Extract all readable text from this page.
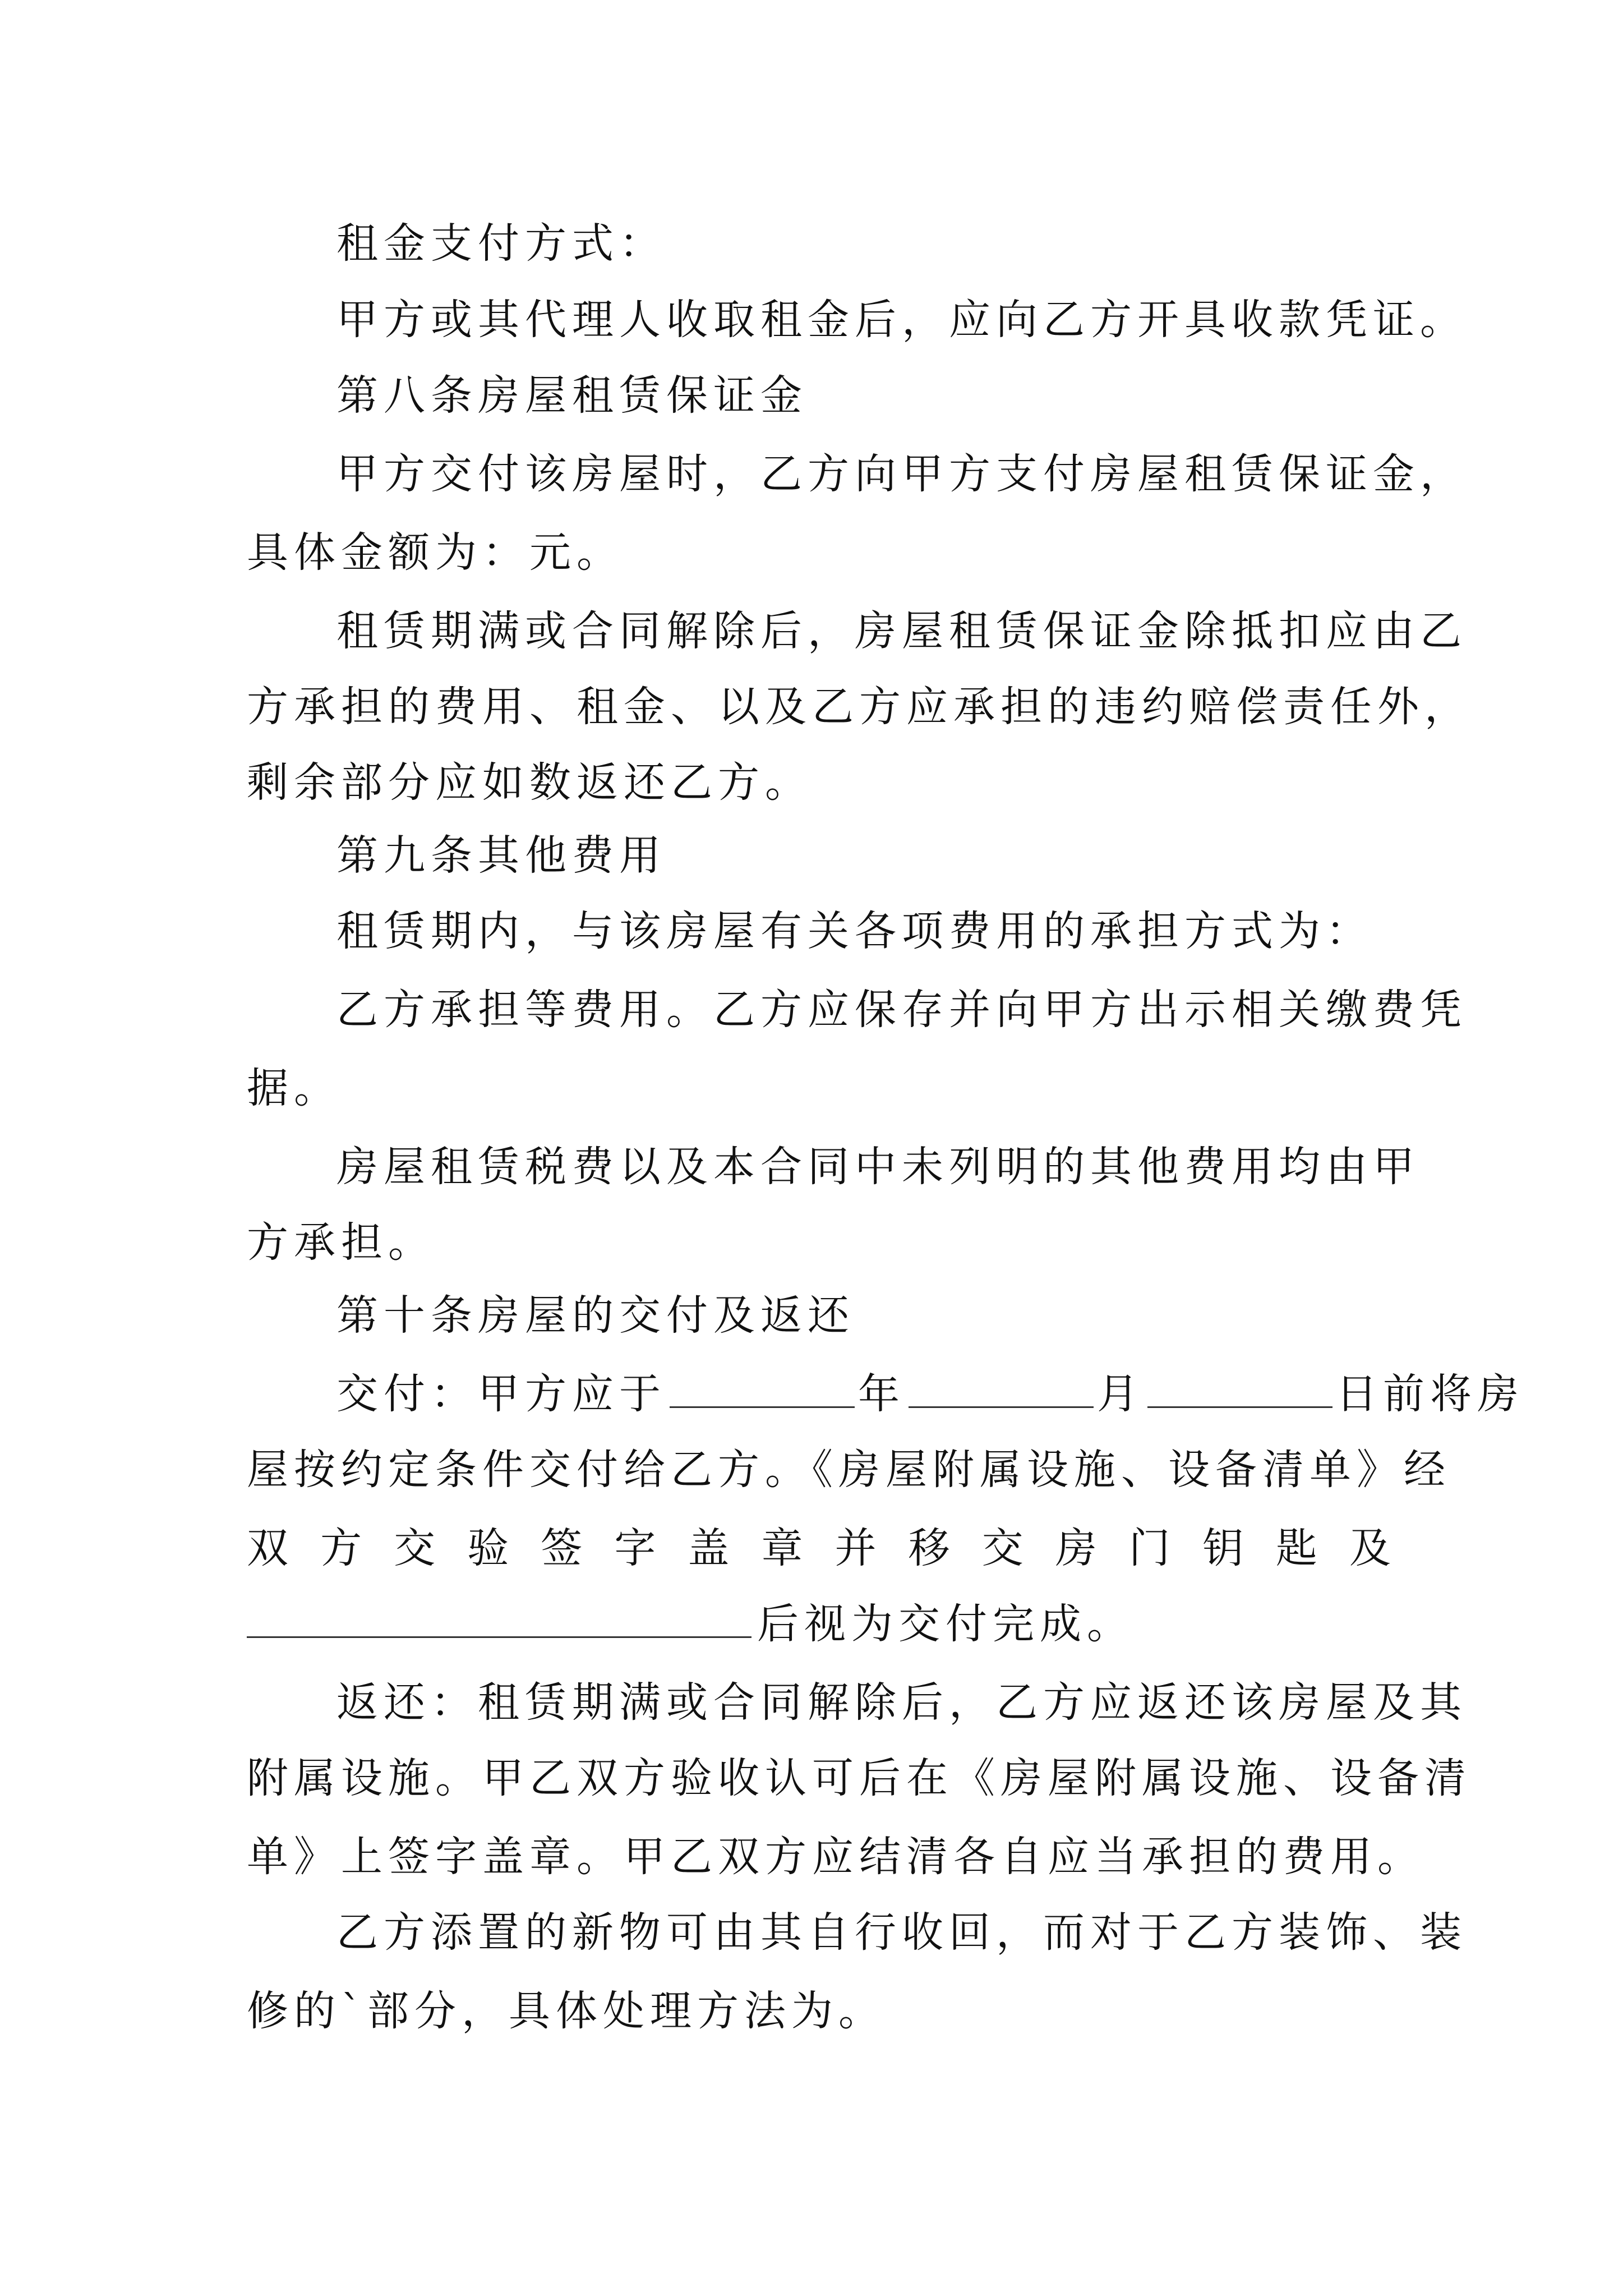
租金支付方式：
甲方或其代理人收取租金后，应向乙方开具收款凭证。
第八条房屋租赁保证金
甲方交付该房屋时，乙方向甲方支付房屋租赁保证金，
具体金额为：元。
租赁期满或合同解除后，房屋租赁保证金除抵扣应由乙
方承担的费用、租金、以及乙方应承担的违约赔偿责任外，
剩余部分应如数返还乙方。
第九条其他费用
租赁期内，与该房屋有关各项费用的承担方式为：
乙方承担等费用。乙方应保存并向甲方出示相关缴费凭
据。
房屋租赁税费以及本合同中未列明的其他费用均由甲
方承担。
第十条房屋的交付及返还
交付：甲方应于	年	月	日前将房
屋按约定条件交付给乙方。《房屋附属设施、设备清单》经
双 方 交 验 签 字 盖 章 并 移 交 房 门 钥 匙 及
后视为交付完成。
返还：租赁期满或合同解除后，乙方应返还该房屋及其
附属设施。甲乙双方验收认可后在《房屋附属设施、设备清
单》上签字盖章。甲乙双方应结清各自应当承担的费用。
乙方添置的新物可由其自行收回，而对于乙方装饰、装
修的`部分，具体处理方法为。
